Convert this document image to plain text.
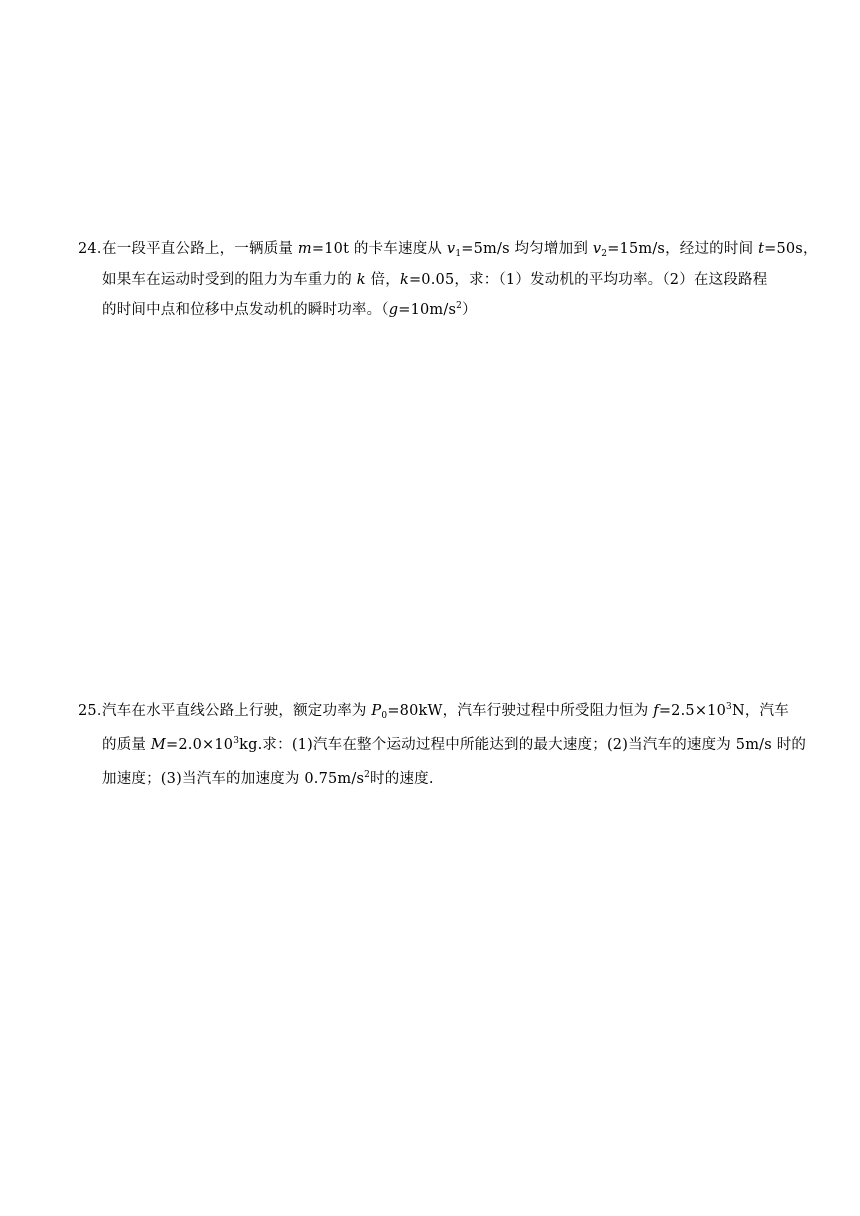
24．在一段平直公路上，一辆质量 m=10t 的卡车速度从 $v_1=5m/s$ 均匀增加到 $v_2=15m/s$，经过的时间 t=50s，
如果车在运动时受到的阻力为车重力的 k 倍，k=0.05，求：（1）发动机的平均功率。（2）在这段路程
的时间中点和位移中点发动机的瞬时功率。$(g=10m/s^2)$
25．汽车在水平直线公路上行驶，额定功率为 $P_0=80kW$，汽车行驶过程中所受阻力恒为 $f=2.5\times 10^3N$，汽车
的质量 $M=2.0\times 10^3kg$.求：(1)汽车在整个运动过程中所能达到的最大速度；(2)当汽车的速度为 5m/s 时的
加速度；(3)当汽车的加速度为 $0.75m/s^2$时的速度.
